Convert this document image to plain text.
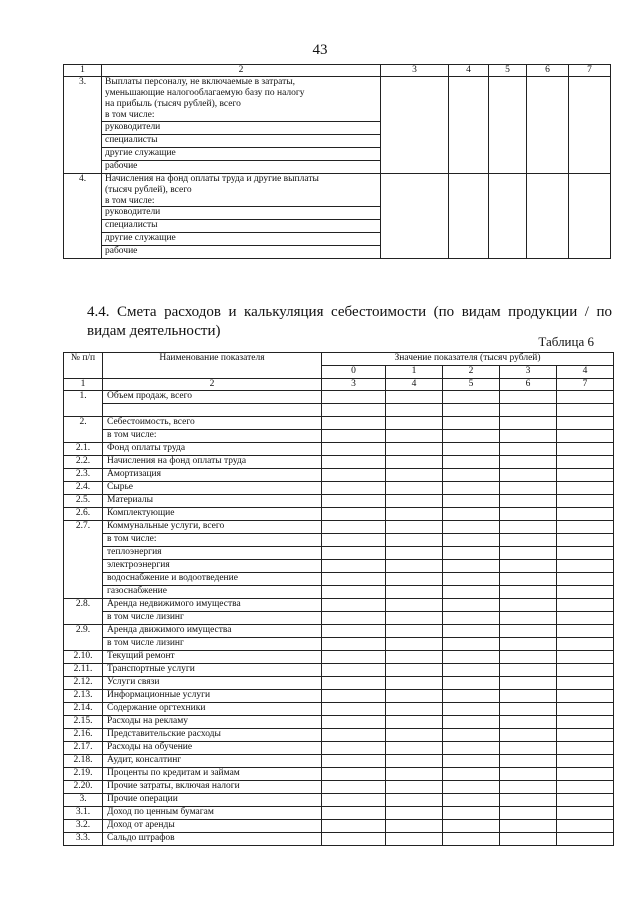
43
1	2	3	4	5	6	7
3.	Выплаты персоналу, не включаемые в затраты,
уменьшающие налогооблагаемую базу по налогу
на прибыль (тысяч рублей), всего
в том числе:					

	руководители					
	специалисты					
	другие служащие					
	рабочие					
4.	Начисления на фонд оплаты труда и другие выплаты
(тысяч рублей), всего
в том числе:					

	руководители					
	специалисты					
	другие служащие					
	рабочие					
4.4. Смета расходов и калькуляция себестоимости (по видам продукции / по видам деятельности)
Таблица 6
№ п/п	Наименование показателя	Значение показателя (тысяч рублей)				
		0	1	2	3	4
1	2	3	4	5	6	7
1.	Объем продаж, всего					

2.	Себестоимость, всего					
	в том числе:					
2.1.	Фонд оплаты труда					
2.2.	Начисления на фонд оплаты труда					
2.3.	Амортизация					
2.4.	Сырье					
2.5.	Материалы					
2.6.	Комплектующие					
2.7.	Коммунальные услуги, всего					
	в том числе:					
	теплоэнергия					
	электроэнергия					
	водоснабжение и водоотведение					
	газоснабжение					
2.8.	Аренда недвижимого имущества					
	в том числе лизинг					
2.9.	Аренда движимого имущества					
	в том числе лизинг					
2.10.	Текущий ремонт					
2.11.	Транспортные услуги					
2.12.	Услуги связи					
2.13.	Информационные услуги					
2.14.	Содержание оргтехники					
2.15.	Расходы на рекламу					
2.16.	Представительские расходы					
2.17.	Расходы на обучение					
2.18.	Аудит, консалтинг					
2.19.	Проценты по кредитам и займам					
2.20.	Прочие затраты, включая налоги					
3.	Прочие операции					
3.1.	Доход по ценным бумагам					
3.2.	Доход от аренды					
3.3.	Сальдо штрафов					
